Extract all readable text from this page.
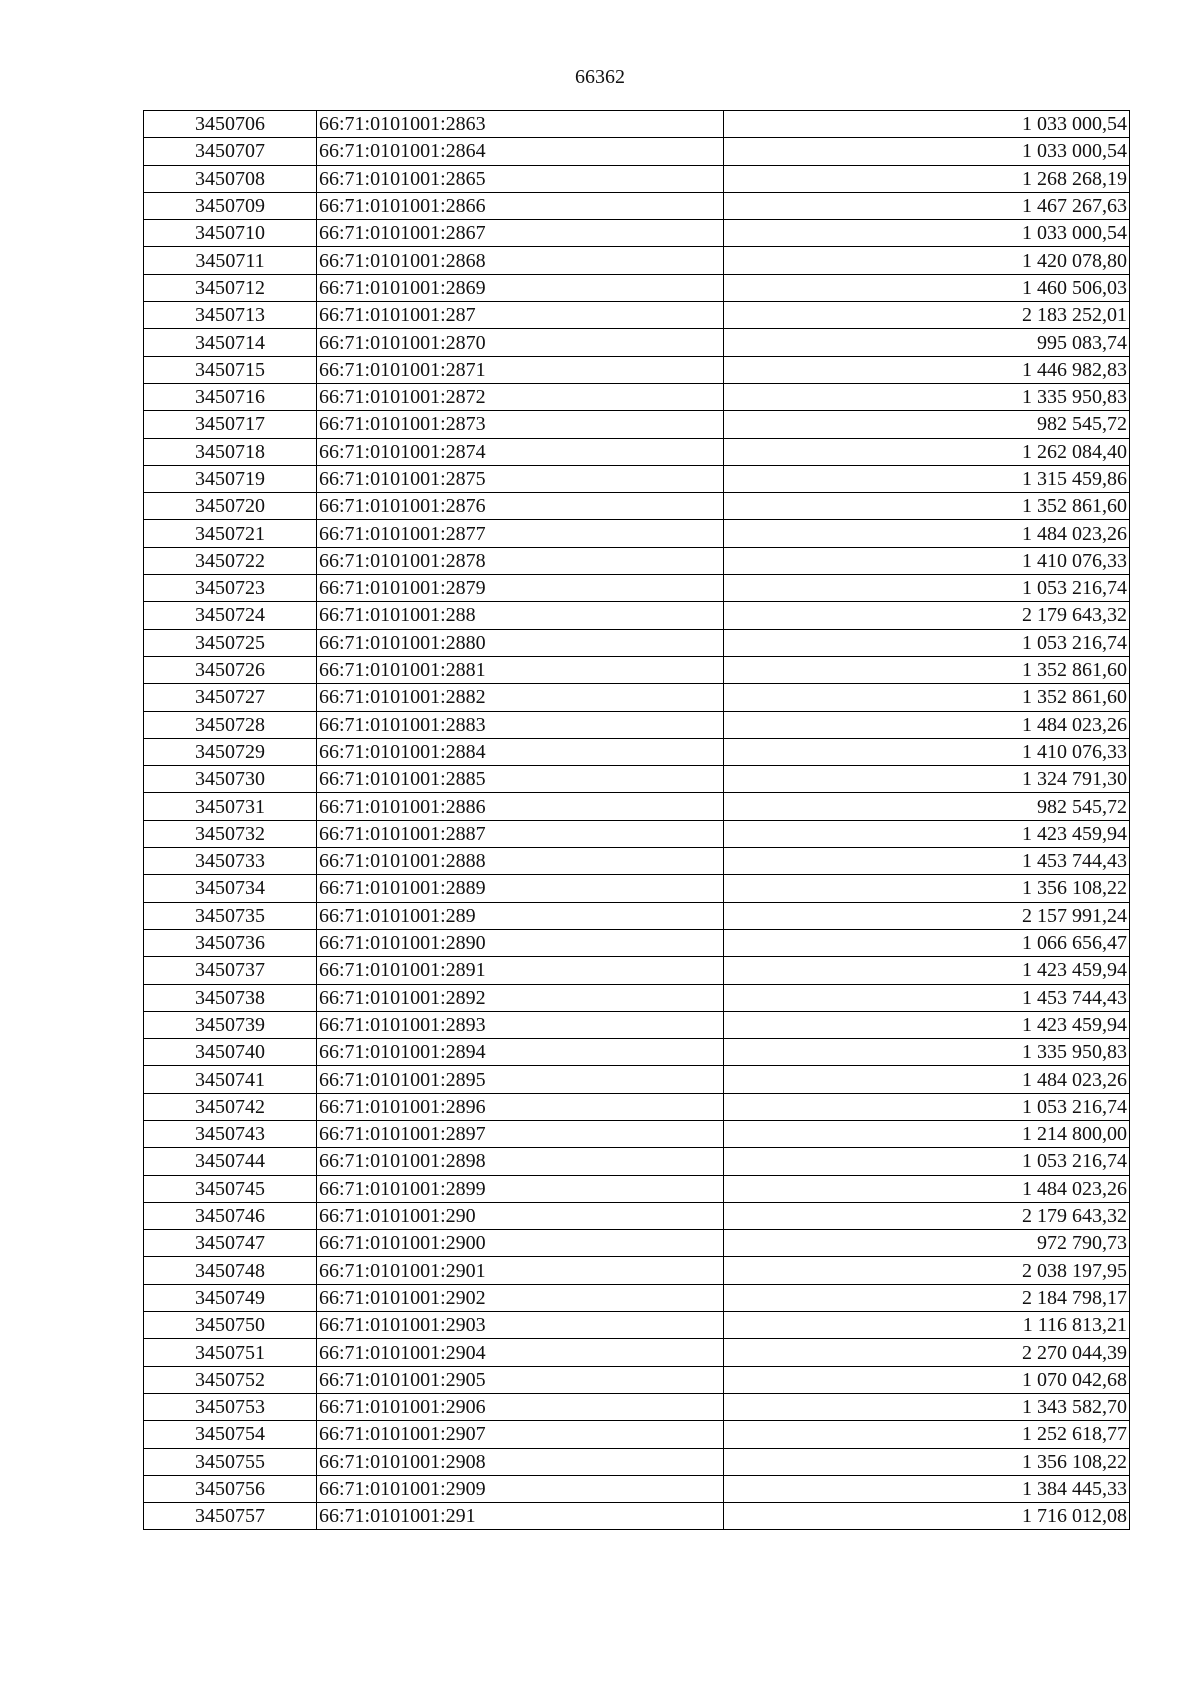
66362
3450706	66:71:0101001:2863	1 033 000,54
3450707	66:71:0101001:2864	1 033 000,54
3450708	66:71:0101001:2865	1 268 268,19
3450709	66:71:0101001:2866	1 467 267,63
3450710	66:71:0101001:2867	1 033 000,54
3450711	66:71:0101001:2868	1 420 078,80
3450712	66:71:0101001:2869	1 460 506,03
3450713	66:71:0101001:287	2 183 252,01
3450714	66:71:0101001:2870	995 083,74
3450715	66:71:0101001:2871	1 446 982,83
3450716	66:71:0101001:2872	1 335 950,83
3450717	66:71:0101001:2873	982 545,72
3450718	66:71:0101001:2874	1 262 084,40
3450719	66:71:0101001:2875	1 315 459,86
3450720	66:71:0101001:2876	1 352 861,60
3450721	66:71:0101001:2877	1 484 023,26
3450722	66:71:0101001:2878	1 410 076,33
3450723	66:71:0101001:2879	1 053 216,74
3450724	66:71:0101001:288	2 179 643,32
3450725	66:71:0101001:2880	1 053 216,74
3450726	66:71:0101001:2881	1 352 861,60
3450727	66:71:0101001:2882	1 352 861,60
3450728	66:71:0101001:2883	1 484 023,26
3450729	66:71:0101001:2884	1 410 076,33
3450730	66:71:0101001:2885	1 324 791,30
3450731	66:71:0101001:2886	982 545,72
3450732	66:71:0101001:2887	1 423 459,94
3450733	66:71:0101001:2888	1 453 744,43
3450734	66:71:0101001:2889	1 356 108,22
3450735	66:71:0101001:289	2 157 991,24
3450736	66:71:0101001:2890	1 066 656,47
3450737	66:71:0101001:2891	1 423 459,94
3450738	66:71:0101001:2892	1 453 744,43
3450739	66:71:0101001:2893	1 423 459,94
3450740	66:71:0101001:2894	1 335 950,83
3450741	66:71:0101001:2895	1 484 023,26
3450742	66:71:0101001:2896	1 053 216,74
3450743	66:71:0101001:2897	1 214 800,00
3450744	66:71:0101001:2898	1 053 216,74
3450745	66:71:0101001:2899	1 484 023,26
3450746	66:71:0101001:290	2 179 643,32
3450747	66:71:0101001:2900	972 790,73
3450748	66:71:0101001:2901	2 038 197,95
3450749	66:71:0101001:2902	2 184 798,17
3450750	66:71:0101001:2903	1 116 813,21
3450751	66:71:0101001:2904	2 270 044,39
3450752	66:71:0101001:2905	1 070 042,68
3450753	66:71:0101001:2906	1 343 582,70
3450754	66:71:0101001:2907	1 252 618,77
3450755	66:71:0101001:2908	1 356 108,22
3450756	66:71:0101001:2909	1 384 445,33
3450757	66:71:0101001:291	1 716 012,08
